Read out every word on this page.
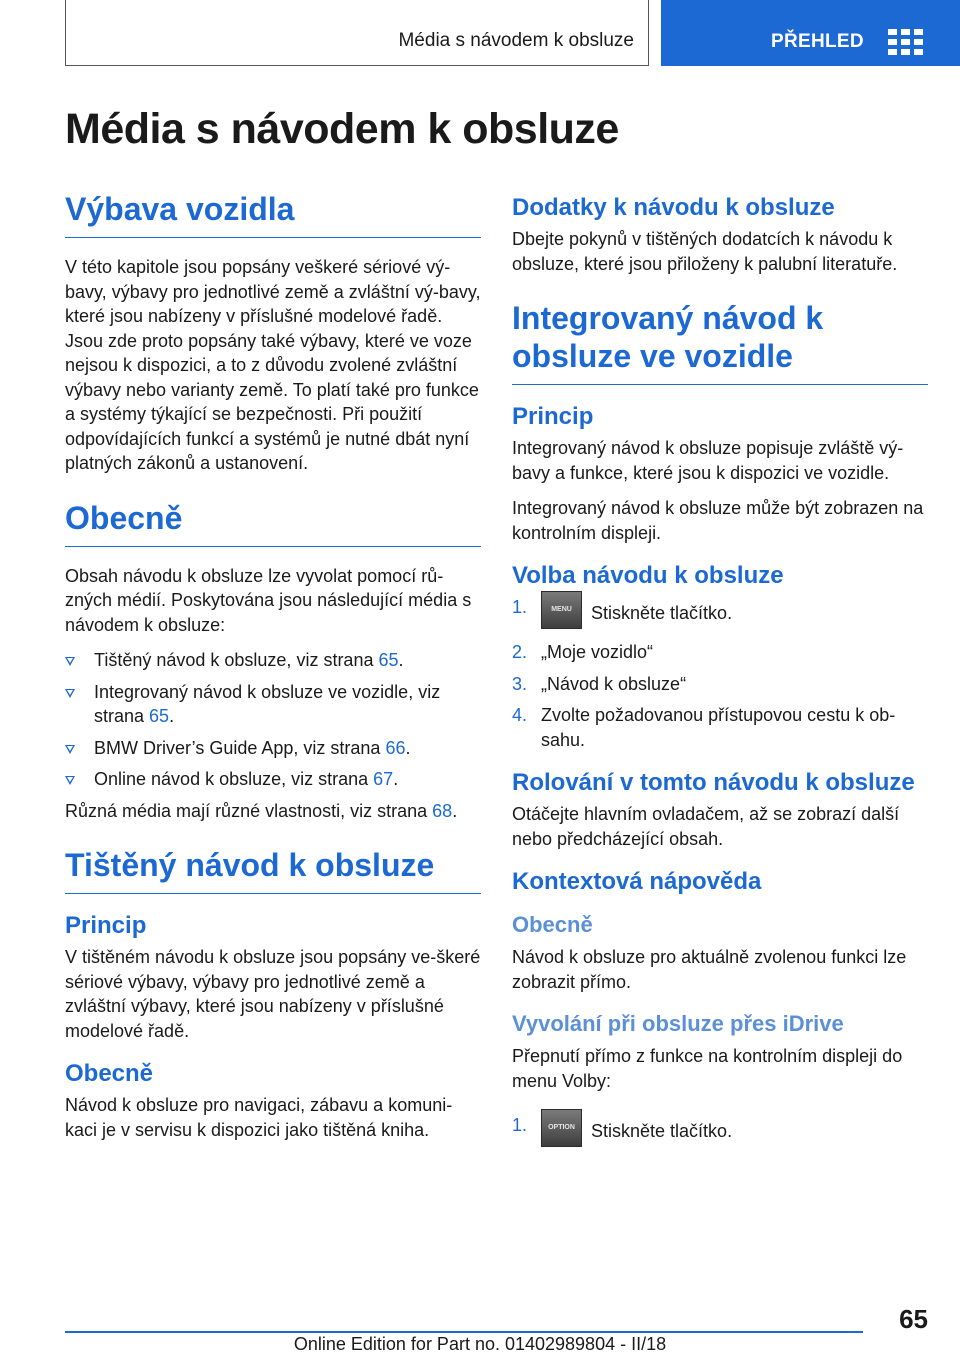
Média s návodem k obsluze	PŘEHLED
Média s návodem k obsluze
Výbava vozidla

V této kapitole jsou popsány veškeré sériové vý-bavy, výbavy pro jednotlivé země a zvláštní vý-bavy, které jsou nabízeny v příslušné modelové řadě. Jsou zde proto popsány také výbavy, které ve voze nejsou k dispozici, a to z důvodu zvolené zvláštní výbavy nebo varianty země. To platí také pro funkce a systémy týkající se bezpečnosti. Při použití odpovídajících funkcí a systémů je nutné dbát nyní platných zákonů a ustanovení.

Obecně

Obsah návodu k obsluze lze vyvolat pomocí rů-zných médií. Poskytována jsou následující média s návodem k obsluze:

Tištěný návod k obsluze, viz strana 65.
Integrovaný návod k obsluze ve vozidle, viz strana 65.
BMW Driver’s Guide App, viz strana 66.
Online návod k obsluze, viz strana 67.

Různá média mají různé vlastnosti, viz strana 68.

Tištěný návod k obsluze
Princip

V tištěném návodu k obsluze jsou popsány ve-škeré sériové výbavy, výbavy pro jednotlivé země a zvláštní výbavy, které jsou nabízeny v příslušné modelové řadě.

Obecně

Návod k obsluze pro navigaci, zábavu a komuni-kaci je v servisu k dispozici jako tištěná kniha.

Dodatky k návodu k obsluze

Dbejte pokynů v tištěných dodatcích k návodu k obsluze, které jsou přiloženy k palubní literatuře.

Integrovaný návod k obsluze ve vozidle
Princip

Integrovaný návod k obsluze popisuje zvláště vý-bavy a funkce, které jsou k dispozici ve vozidle.

Integrovaný návod k obsluze může být zobrazen na kontrolním displeji.

Volba návodu k obsluze
1.	MENU Stiskněte tlačítko.
2. „Moje vozidlo“
3. „Návod k obsluze“
4. Zvolte požadovanou přístupovou cestu k ob-sahu.
Rolování v tomto návodu k obsluze

Otáčejte hlavním ovladačem, až se zobrazí další nebo předcházející obsah.

Kontextová nápověda
Obecně

Návod k obsluze pro aktuálně zvolenou funkci lze zobrazit přímo.

Vyvolání při obsluze přes iDrive

Přepnutí přímo z funkce na kontrolním displeji do menu Volby:

1.	OPTION Stiskněte tlačítko.
65
Online Edition for Part no. 01402989804 - II/18
